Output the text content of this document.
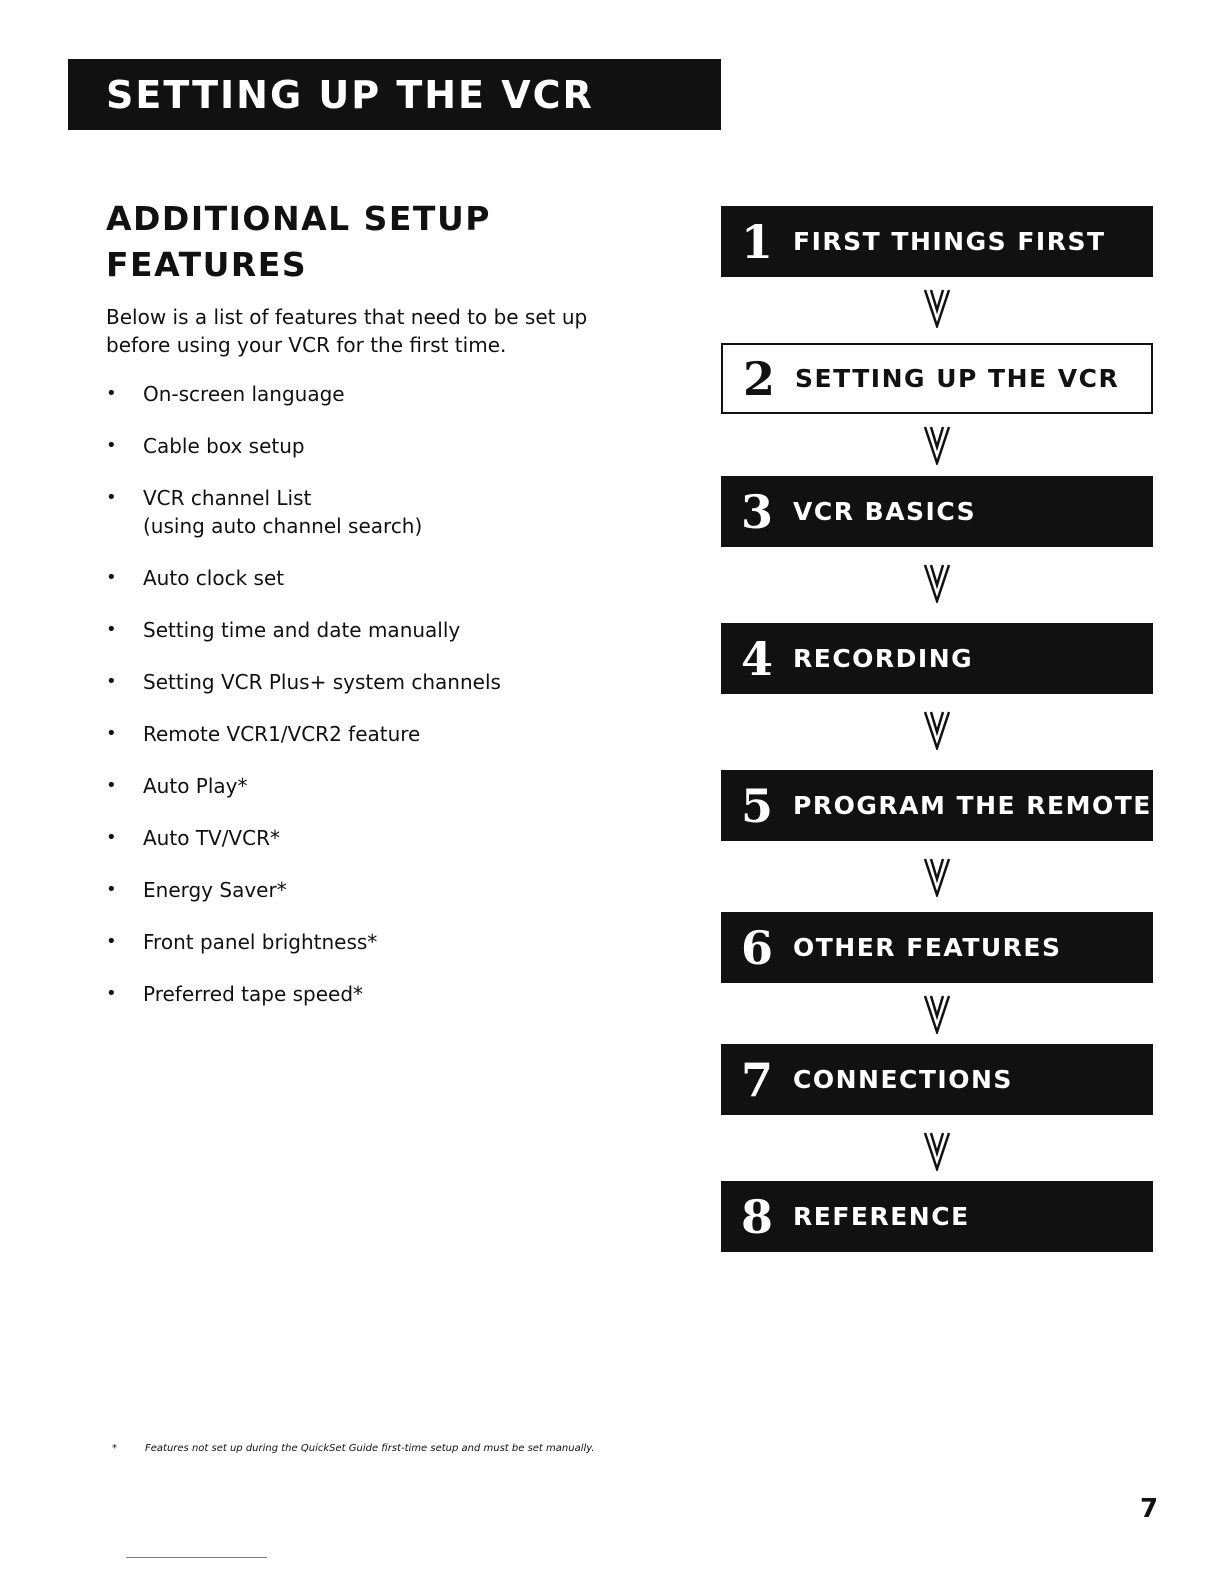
SETTING UP THE VCR
ADDITIONAL SETUP
FEATURES

Below is a list of features that need to be set up before using your VCR for the first time.

• On-screen language
• Cable box setup
• VCR channel List
(using auto channel search)
• Auto clock set
• Setting time and date manually
• Setting VCR Plus+ system channels
• Remote VCR1/VCR2 feature
• Auto Play*
• Auto TV/VCR*
• Energy Saver*
• Front panel brightness*
• Preferred tape speed*
1 FIRST THINGS FIRST
2 SETTING UP THE VCR
3 VCR BASICS
4 RECORDING
5 PROGRAM THE REMOTE
6 OTHER FEATURES
7 CONNECTIONS
8 REFERENCE
*	Features not set up during the QuickSet Guide first-time setup and must be set manually.
7
